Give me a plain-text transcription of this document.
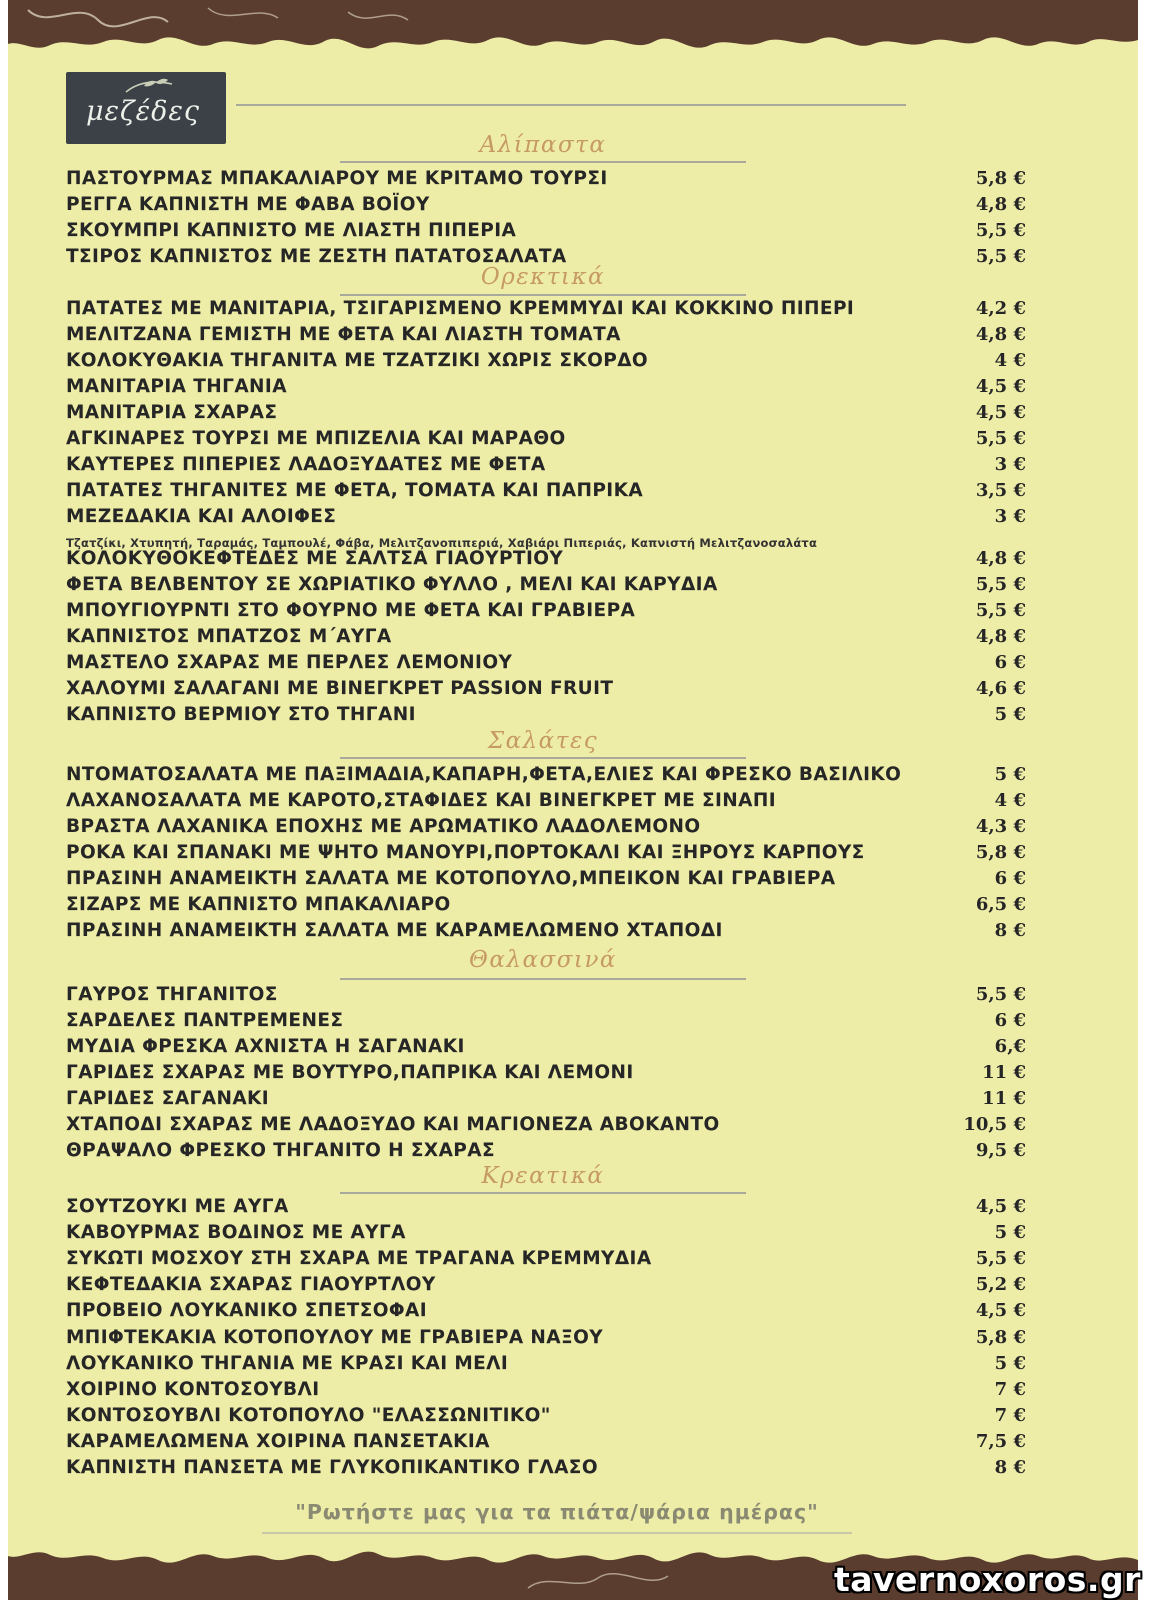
μεζέδες
Αλίπαστα
ΠΑΣΤΟΥΡΜΑΣ ΜΠΑΚΑΛΙΑΡΟΥ ΜΕ ΚΡΙΤΑΜΟ ΤΟΥΡΣΙ	5,8 €
ΡΕΓΓΑ ΚΑΠΝΙΣΤΗ ΜΕ ΦΑΒΑ ΒΟΪΟΥ	4,8 €
ΣΚΟΥΜΠΡΙ ΚΑΠΝΙΣΤΟ ΜΕ ΛΙΑΣΤΗ ΠΙΠΕΡΙΑ	5,5 €
ΤΣΙΡΟΣ ΚΑΠΝΙΣΤΟΣ ΜΕ ΖΕΣΤΗ ΠΑΤΑΤΟΣΑΛΑΤΑ	5,5 €
Ορεκτικά
ΠΑΤΑΤΕΣ ΜΕ ΜΑΝΙΤΑΡΙΑ, ΤΣΙΓΑΡΙΣΜΕΝΟ ΚΡΕΜΜΥΔΙ ΚΑΙ ΚΟΚΚΙΝΟ ΠΙΠΕΡΙ	4,2 €
ΜΕΛΙΤΖΑΝΑ ΓΕΜΙΣΤΗ ΜΕ ΦΕΤΑ ΚΑΙ ΛΙΑΣΤΗ ΤΟΜΑΤΑ	4,8 €
ΚΟΛΟΚΥΘΑΚΙΑ ΤΗΓΑΝΙΤΑ ΜΕ ΤΖΑΤΖΙΚΙ ΧΩΡΙΣ ΣΚΟΡΔΟ	4 €
ΜΑΝΙΤΑΡΙΑ ΤΗΓΑΝΙΑ	4,5 €
ΜΑΝΙΤΑΡΙΑ ΣΧΑΡΑΣ	4,5 €
ΑΓΚΙΝΑΡΕΣ ΤΟΥΡΣΙ ΜΕ ΜΠΙΖΕΛΙΑ ΚΑΙ ΜΑΡΑΘΟ	5,5 €
ΚΑΥΤΕΡΕΣ ΠΙΠΕΡΙΕΣ ΛΑΔΟΞΥΔΑΤΕΣ ΜΕ ΦΕΤΑ	3 €
ΠΑΤΑΤΕΣ ΤΗΓΑΝΙΤΕΣ ΜΕ ΦΕΤΑ, ΤΟΜΑΤΑ ΚΑΙ ΠΑΠΡΙΚΑ	3,5 €
ΜΕΖΕΔΑΚΙΑ ΚΑΙ ΑΛΟΙΦΕΣ	3 €
ΚΟΛΟΚΥΘΟΚΕΦΤΕΔΕΣ ΜΕ ΣΑΛΤΣΑ ΓΙΑΟΥΡΤΙΟΥ	4,8 €
ΦΕΤΑ ΒΕΛΒΕΝΤΟΥ ΣΕ ΧΩΡΙΑΤΙΚΟ ΦΥΛΛΟ , ΜΕΛΙ ΚΑΙ ΚΑΡΥΔΙΑ	5,5 €
ΜΠΟΥΓΙΟΥΡΝΤΙ ΣΤΟ ΦΟΥΡΝΟ ΜΕ ΦΕΤΑ ΚΑΙ ΓΡΑΒΙΕΡΑ	5,5 €
ΚΑΠΝΙΣΤΟΣ ΜΠΑΤΖΟΣ Μ΄ΑΥΓΑ	4,8 €
ΜΑΣΤΕΛΟ ΣΧΑΡΑΣ ΜΕ ΠΕΡΛΕΣ ΛΕΜΟΝΙΟΥ	6 €
ΧΑΛΟΥΜΙ ΣΑΛΑΓΑΝΙ ΜΕ ΒΙΝΕΓΚΡΕΤ PASSION FRUIT	4,6 €
ΚΑΠΝΙΣΤΟ ΒΕΡΜΙΟΥ ΣΤΟ ΤΗΓΑΝΙ	5 €
Σαλάτες
ΝΤΟΜΑΤΟΣΑΛΑΤΑ ΜΕ ΠΑΞΙΜΑΔΙΑ,ΚΑΠΑΡΗ,ΦΕΤΑ,ΕΛΙΕΣ ΚΑΙ ΦΡΕΣΚΟ ΒΑΣΙΛΙΚΟ	5 €
ΛΑΧΑΝΟΣΑΛΑΤΑ ΜΕ ΚΑΡΟΤΟ,ΣΤΑΦΙΔΕΣ ΚΑΙ ΒΙΝΕΓΚΡΕΤ ΜΕ ΣΙΝΑΠΙ	4 €
ΒΡΑΣΤΑ ΛΑΧΑΝΙΚΑ ΕΠΟΧΗΣ ΜΕ ΑΡΩΜΑΤΙΚΟ ΛΑΔΟΛΕΜΟΝΟ	4,3 €
ΡΟΚΑ ΚΑΙ ΣΠΑΝΑΚΙ ΜΕ ΨΗΤΟ ΜΑΝΟΥΡΙ,ΠΟΡΤΟΚΑΛΙ ΚΑΙ ΞΗΡΟΥΣ ΚΑΡΠΟΥΣ	5,8 €
ΠΡΑΣΙΝΗ ΑΝΑΜΕΙΚΤΗ ΣΑΛΑΤΑ ΜΕ ΚΟΤΟΠΟΥΛΟ,ΜΠΕΙΚΟΝ ΚΑΙ ΓΡΑΒΙΕΡΑ	6 €
ΣΙΖΑΡΣ ΜΕ ΚΑΠΝΙΣΤΟ ΜΠΑΚΑΛΙΑΡΟ	6,5 €
ΠΡΑΣΙΝΗ ΑΝΑΜΕΙΚΤΗ ΣΑΛΑΤΑ ΜΕ ΚΑΡΑΜΕΛΩΜΕΝΟ ΧΤΑΠΟΔΙ	8 €
Θαλασσινά
ΓΑΥΡΟΣ ΤΗΓΑΝΙΤΟΣ	5,5 €
ΣΑΡΔΕΛΕΣ ΠΑΝΤΡΕΜΕΝΕΣ	6 €
ΜΥΔΙΑ ΦΡΕΣΚΑ ΑΧΝΙΣΤΑ Η ΣΑΓΑΝΑΚΙ	6,€
ΓΑΡΙΔΕΣ ΣΧΑΡΑΣ ΜΕ ΒΟΥΤΥΡΟ,ΠΑΠΡΙΚΑ ΚΑΙ ΛΕΜΟΝΙ	11 €
ΓΑΡΙΔΕΣ ΣΑΓΑΝΑΚΙ	11 €
ΧΤΑΠΟΔΙ ΣΧΑΡΑΣ ΜΕ ΛΑΔΟΞΥΔΟ ΚΑΙ ΜΑΓΙΟΝΕΖΑ ΑΒΟΚΑΝΤΟ	10,5 €
ΘΡΑΨΑΛΟ ΦΡΕΣΚΟ ΤΗΓΑΝΙΤΟ Η ΣΧΑΡΑΣ	9,5 €
Κρεατικά
ΣΟΥΤΖΟΥΚΙ ΜΕ ΑΥΓΑ	4,5 €
ΚΑΒΟΥΡΜΑΣ ΒΟΔΙΝΟΣ ΜΕ ΑΥΓΑ	5 €
ΣΥΚΩΤΙ ΜΟΣΧΟΥ ΣΤΗ ΣΧΑΡΑ ΜΕ ΤΡΑΓΑΝΑ ΚΡΕΜΜΥΔΙΑ	5,5 €
ΚΕΦΤΕΔΑΚΙΑ ΣΧΑΡΑΣ ΓΙΑΟΥΡΤΛΟΥ	5,2 €
ΠΡΟΒΕΙΟ ΛΟΥΚΑΝΙΚΟ ΣΠΕΤΣΟΦΑΙ	4,5 €
ΜΠΙΦΤΕΚΑΚΙΑ ΚΟΤΟΠΟΥΛΟΥ ΜΕ ΓΡΑΒΙΕΡΑ ΝΑΞΟΥ	5,8 €
ΛΟΥΚΑΝΙΚΟ ΤΗΓΑΝΙΑ ΜΕ ΚΡΑΣΙ ΚΑΙ ΜΕΛΙ	5 €
ΧΟΙΡΙΝΟ ΚΟΝΤΟΣΟΥΒΛΙ	7 €
ΚΟΝΤΟΣΟΥΒΛΙ ΚΟΤΟΠΟΥΛΟ "ΕΛΑΣΣΩΝΙΤΙΚΟ"	7 €
ΚΑΡΑΜΕΛΩΜΕΝΑ ΧΟΙΡΙΝΑ ΠΑΝΣΕΤΑΚΙΑ	7,5 €
ΚΑΠΝΙΣΤΗ ΠΑΝΣΕΤΑ ΜΕ ΓΛΥΚΟΠΙΚΑΝΤΙΚΟ ΓΛΑΣΟ	8 €
Τζατζίκι, Χτυπητή, Ταραμάς, Ταμπουλέ, Φάβα, Μελιτζανοπιπεριά, Χαβιάρι Πιπεριάς, Καπνιστή Μελιτζανοσαλάτα
"Ρωτήστε μας για τα πιάτα/ψάρια ημέρας"
tavernoxoros.gr
